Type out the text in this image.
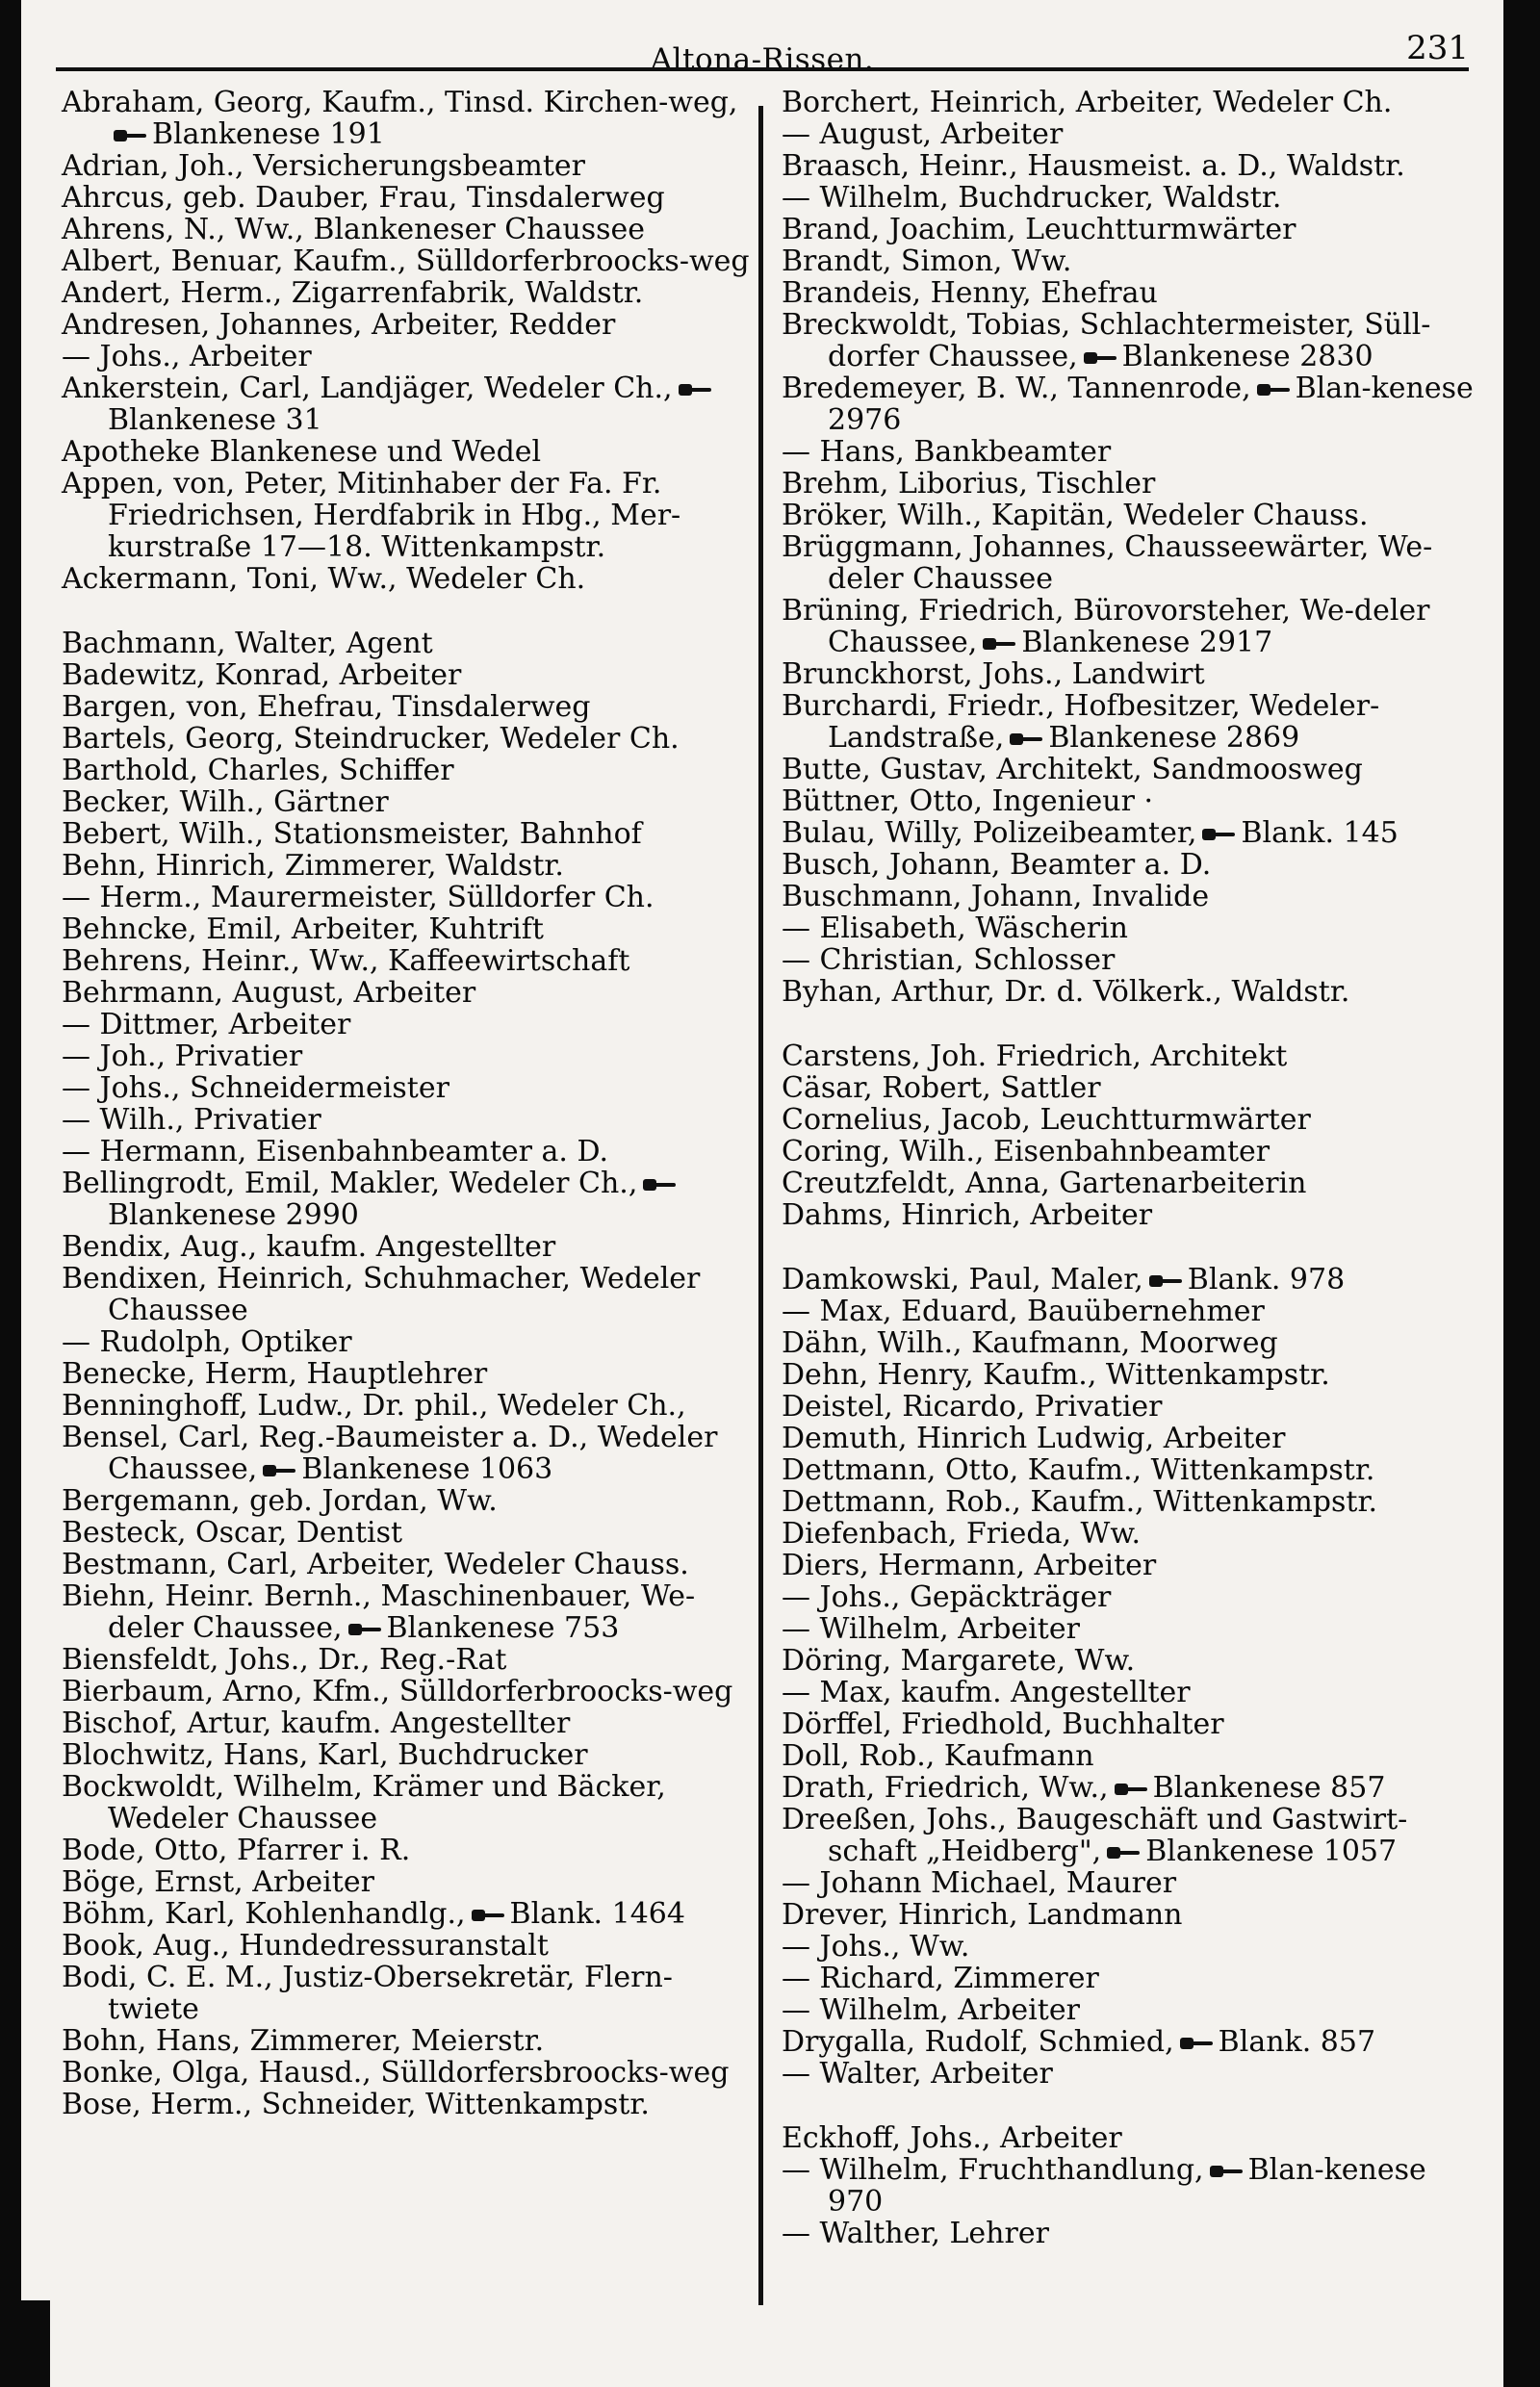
Altona-Rissen.	231
Abraham, Georg, Kaufm., Tinsd. Kirchen-weg,Blankenese 191
Adrian, Joh., Versicherungsbeamter
Ahrcus, geb. Dauber, Frau, Tinsdalerweg
Ahrens, N., Ww., Blankeneser Chaussee
Albert, Benuar, Kaufm., Sülldorferbroocks-weg
Andert, Herm., Zigarrenfabrik, Waldstr.
Andresen, Johannes, Arbeiter, Redder
— Johs., Arbeiter
Ankerstein, Carl, Landjäger, Wedeler Ch.,Blankenese 31
Apotheke Blankenese und Wedel
Appen, von, Peter, Mitinhaber der Fa. Fr. Friedrichsen, Herdfabrik in Hbg., Mer-kurstraße 17—18. Wittenkampstr.
Ackermann, Toni, Ww., Wedeler Ch.
Bachmann, Walter, Agent
Badewitz, Konrad, Arbeiter
Bargen, von, Ehefrau, Tinsdalerweg
Bartels, Georg, Steindrucker, Wedeler Ch.
Barthold, Charles, Schiffer
Becker, Wilh., Gärtner
Bebert, Wilh., Stationsmeister, Bahnhof
Behn, Hinrich, Zimmerer, Waldstr.
— Herm., Maurermeister, Sülldorfer Ch.
Behncke, Emil, Arbeiter, Kuhtrift
Behrens, Heinr., Ww., Kaffeewirtschaft
Behrmann, August, Arbeiter
— Dittmer, Arbeiter
— Joh., Privatier
— Johs., Schneidermeister
— Wilh., Privatier
— Hermann, Eisenbahnbeamter a. D.
Bellingrodt, Emil, Makler, Wedeler Ch.,Blankenese 2990
Bendix, Aug., kaufm. Angestellter
Bendixen, Heinrich, Schuhmacher, Wedeler Chaussee
— Rudolph, Optiker
Benecke, Herm, Hauptlehrer
Benninghoff, Ludw., Dr. phil., Wedeler Ch.,
Bensel, Carl, Reg.-Baumeister a. D., Wedeler Chaussee, Blankenese 1063
Bergemann, geb. Jordan, Ww.
Besteck, Oscar, Dentist
Bestmann, Carl, Arbeiter, Wedeler Chauss.
Biehn, Heinr. Bernh., Maschinenbauer, We-deler Chaussee, Blankenese 753
Biensfeldt, Johs., Dr., Reg.-Rat
Bierbaum, Arno, Kfm., Sülldorferbroocks-weg
Bischof, Artur, kaufm. Angestellter
Blochwitz, Hans, Karl, Buchdrucker
Bockwoldt, Wilhelm, Krämer und Bäcker, Wedeler Chaussee
Bode, Otto, Pfarrer i. R.
Böge, Ernst, Arbeiter
Böhm, Karl, Kohlenhandlg., Blank. 1464
Book, Aug., Hundedressuranstalt
Bodi, C. E. M., Justiz-Obersekretär, Flern-twiete
Bohn, Hans, Zimmerer, Meierstr.
Bonke, Olga, Hausd., Sülldorfersbroocks-weg
Bose, Herm., Schneider, Wittenkampstr.
Borchert, Heinrich, Arbeiter, Wedeler Ch.
— August, Arbeiter
Braasch, Heinr., Hausmeist. a. D., Waldstr.
— Wilhelm, Buchdrucker, Waldstr.
Brand, Joachim, Leuchtturmwärter
Brandt, Simon, Ww.
Brandeis, Henny, Ehefrau
Breckwoldt, Tobias, Schlachtermeister, Süll-dorfer Chaussee, Blankenese 2830
Bredemeyer, B. W., Tannenrode, Blan-kenese 2976
— Hans, Bankbeamter
Brehm, Liborius, Tischler
Bröker, Wilh., Kapitän, Wedeler Chauss.
Brüggmann, Johannes, Chausseewärter, We-deler Chaussee
Brüning, Friedrich, Bürovorsteher, We-deler Chaussee, Blankenese 2917
Brunckhorst, Johs., Landwirt
Burchardi, Friedr., Hofbesitzer, Wedeler-Landstraße, Blankenese 2869
Butte, Gustav, Architekt, Sandmoosweg
Büttner, Otto, Ingenieur ·
Bulau, Willy, Polizeibeamter, Blank. 145
Busch, Johann, Beamter a. D.
Buschmann, Johann, Invalide
— Elisabeth, Wäscherin
— Christian, Schlosser
Byhan, Arthur, Dr. d. Völkerk., Waldstr.
Carstens, Joh. Friedrich, Architekt
Cäsar, Robert, Sattler
Cornelius, Jacob, Leuchtturmwärter
Coring, Wilh., Eisenbahnbeamter
Creutzfeldt, Anna, Gartenarbeiterin
Dahms, Hinrich, Arbeiter
Damkowski, Paul, Maler, Blank. 978
— Max, Eduard, Bauübernehmer
Dähn, Wilh., Kaufmann, Moorweg
Dehn, Henry, Kaufm., Wittenkampstr.
Deistel, Ricardo, Privatier
Demuth, Hinrich Ludwig, Arbeiter
Dettmann, Otto, Kaufm., Wittenkampstr.
Dettmann, Rob., Kaufm., Wittenkampstr.
Diefenbach, Frieda, Ww.
Diers, Hermann, Arbeiter
— Johs., Gepäckträger
— Wilhelm, Arbeiter
Döring, Margarete, Ww.
— Max, kaufm. Angestellter
Dörffel, Friedhold, Buchhalter
Doll, Rob., Kaufmann
Drath, Friedrich, Ww., Blankenese 857
Dreeßen, Johs., Baugeschäft und Gastwirt-schaft „Heidberg", Blankenese 1057
— Johann Michael, Maurer
Drever, Hinrich, Landmann
— Johs., Ww.
— Richard, Zimmerer
— Wilhelm, Arbeiter
Drygalla, Rudolf, Schmied, Blank. 857
— Walter, Arbeiter
Eckhoff, Johs., Arbeiter
— Wilhelm, Fruchthandlung, Blan-kenese 970
— Walther, Lehrer
